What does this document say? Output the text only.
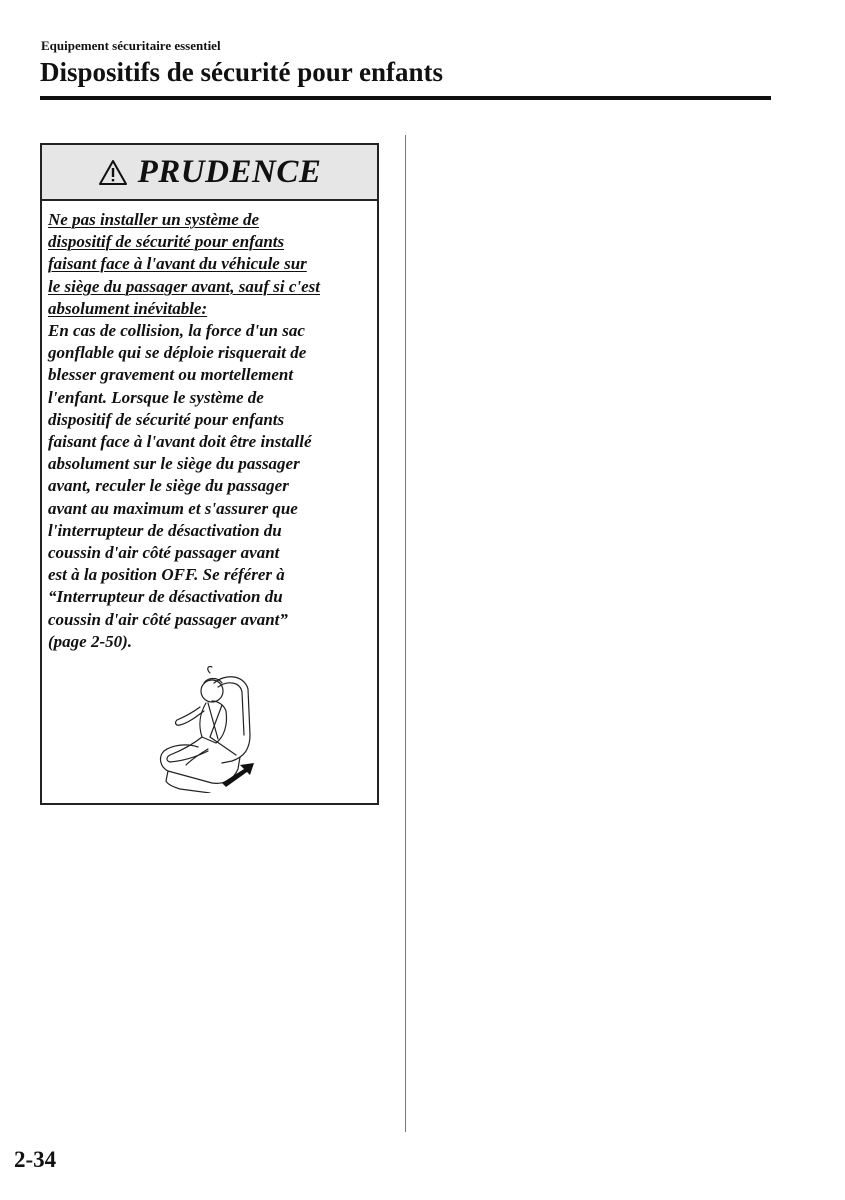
Equipement sécuritaire essentiel

Dispositifs de sécurité pour enfants
PRUDENCE
Ne pas installer un système de
dispositif de sécurité pour enfants
faisant face à l'avant du véhicule sur
le siège du passager avant, sauf si c'est
absolument inévitable:
En cas de collision, la force d'un sac
gonflable qui se déploie risquerait de
blesser gravement ou mortellement
l'enfant. Lorsque le système de
dispositif de sécurité pour enfants
faisant face à l'avant doit être installé
absolument sur le siège du passager
avant, reculer le siège du passager
avant au maximum et s'assurer que
l'interrupteur de désactivation du
coussin d'air côté passager avant
est à la position OFF. Se référer à
“Interrupteur de désactivation du
coussin d'air côté passager avant”
(page 2-50).

2-34
